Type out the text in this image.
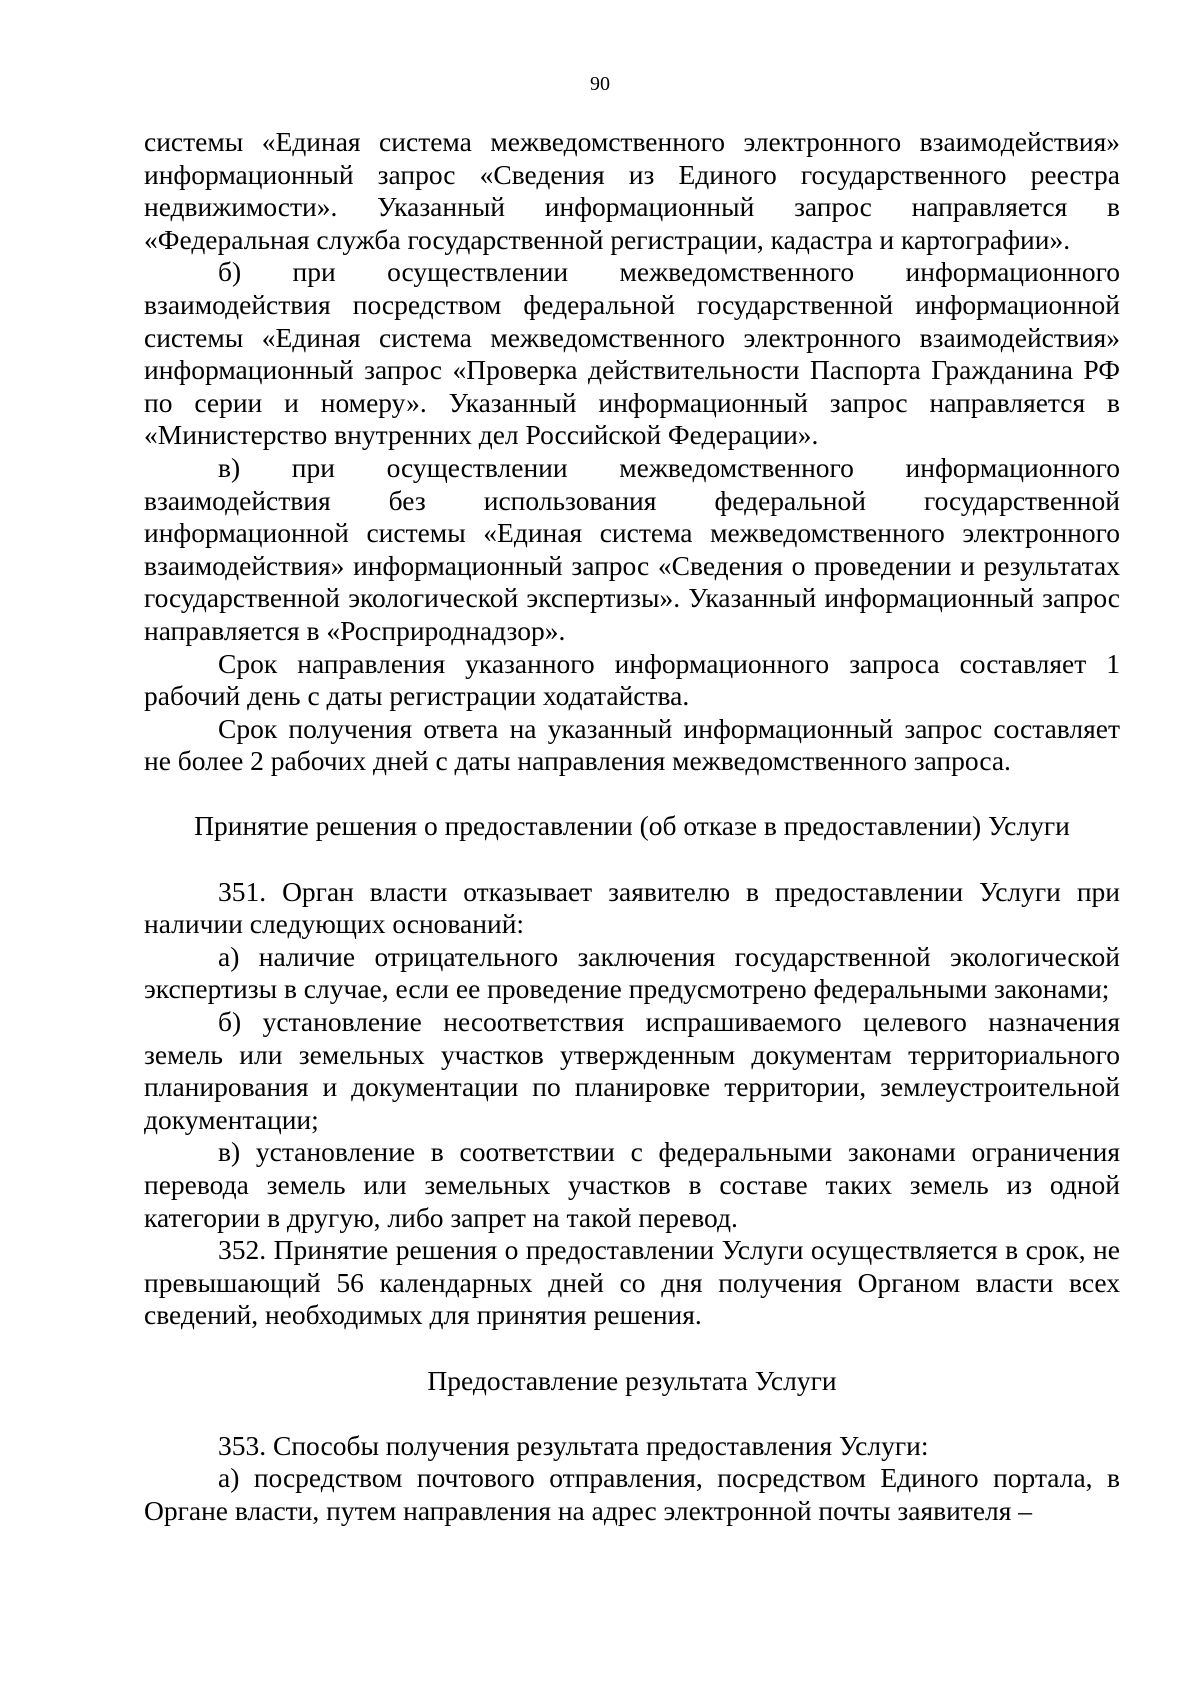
90

системы «Единая система межведомственного электронного взаимодействия» информационный запрос «Сведения из Единого государственного реестра недвижимости». Указанный информационный запрос направляется в «Федеральная служба государственной регистрации, кадастра и картографии».

б) при осуществлении межведомственного информационного взаимодействия посредством федеральной государственной информационной системы «Единая система межведомственного электронного взаимодействия» информационный запрос «Проверка действительности Паспорта Гражданина РФ по серии и номеру». Указанный информационный запрос направляется в «Министерство внутренних дел Российской Федерации».

в) при осуществлении межведомственного информационного взаимодействия без использования федеральной государственной информационной системы «Единая система межведомственного электронного взаимодействия» информационный запрос «Сведения о проведении и результатах государственной экологической экспертизы». Указанный информационный запрос направляется в «Росприроднадзор».

Срок направления указанного информационного запроса составляет 1 рабочий день с даты регистрации ходатайства.

Срок получения ответа на указанный информационный запрос составляет не более 2 рабочих дней с даты направления межведомственного запроса.

Принятие решения о предоставлении (об отказе в предоставлении) Услуги

351. Орган власти отказывает заявителю в предоставлении Услуги при наличии следующих оснований:

а) наличие отрицательного заключения государственной экологической экспертизы в случае, если ее проведение предусмотрено федеральными законами;

б) установление несоответствия испрашиваемого целевого назначения земель или земельных участков утвержденным документам территориального планирования и документации по планировке территории, землеустроительной документации;

в) установление в соответствии с федеральными законами ограничения перевода земель или земельных участков в составе таких земель из одной категории в другую, либо запрет на такой перевод.

352. Принятие решения о предоставлении Услуги осуществляется в срок, не превышающий 56 календарных дней со дня получения Органом власти всех сведений, необходимых для принятия решения.

Предоставление результата Услуги

353. Способы получения результата предоставления Услуги:

а) посредством почтового отправления, посредством Единого портала, в Органе власти, путем направления на адрес электронной почты заявителя –
